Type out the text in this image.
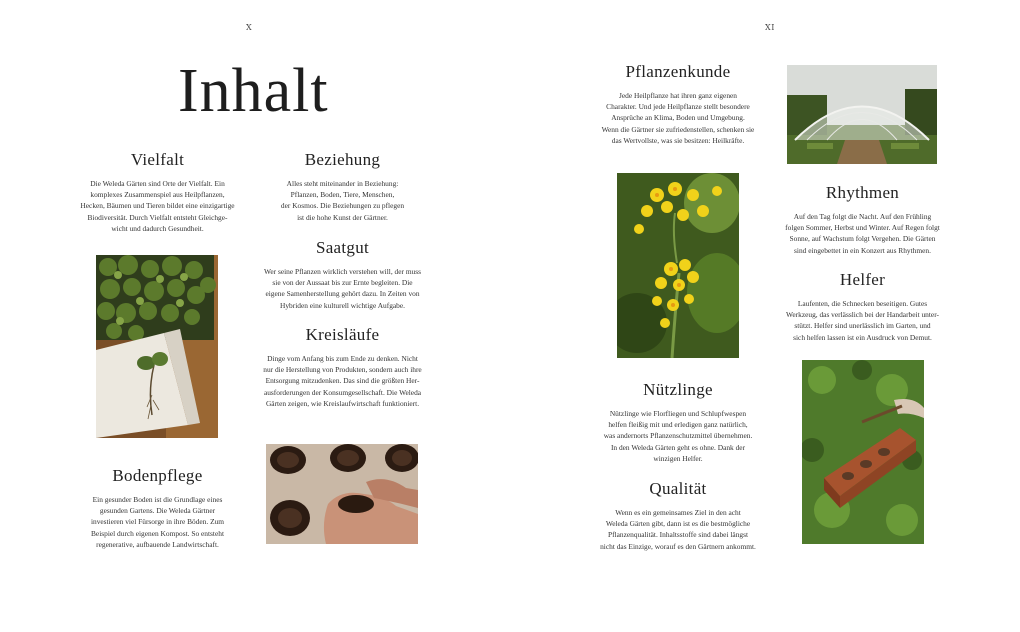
X	XI
Inhalt
Vielfalt
Die Weleda Gärten sind Orte der Vielfalt. Ein
komplexes Zusammenspiel aus Heilpflanzen,
Hecken, Bäumen und Tieren bildet eine einzigartige
Biodiversität. Durch Vielfalt entsteht Gleichge-
wicht und dadurch Gesundheit.
Beziehung
Alles steht miteinander in Beziehung:
Pflanzen, Boden, Tiere, Menschen,
der Kosmos. Die Beziehungen zu pflegen
ist die hohe Kunst der Gärtner.
Saatgut
Wer seine Pflanzen wirklich verstehen will, der muss
sie von der Aussaat bis zur Ernte begleiten. Die
eigene Samenherstellung gehört dazu. In Zeiten von
Hybriden eine kulturell wichtige Aufgabe.
Kreisläufe
Dinge vom Anfang bis zum Ende zu denken. Nicht
nur die Herstellung von Produkten, sondern auch ihre
Entsorgung mitzudenken. Das sind die größten Her-
ausforderungen der Konsumgesellschaft. Die Weleda
Gärten zeigen, wie Kreislaufwirtschaft funktioniert.
Bodenpflege
Ein gesunder Boden ist die Grundlage eines
gesunden Gartens. Die Weleda Gärtner
investieren viel Fürsorge in ihre Böden. Zum
Beispiel durch eigenen Kompost. So entsteht
regenerative, aufbauende Landwirtschaft.
Pflanzenkunde
Jede Heilpflanze hat ihren ganz eigenen
Charakter. Und jede Heilpflanze stellt besondere
Ansprüche an Klima, Boden und Umgebung.
Wenn die Gärtner sie zufriedenstellen, schenken sie
das Wertvollste, was sie besitzen: Heilkräfte.
Rhythmen
Auf den Tag folgt die Nacht. Auf den Frühling
folgen Sommer, Herbst und Winter. Auf Regen folgt
Sonne, auf Wachstum folgt Vergehen. Die Gärten
sind eingebettet in ein Konzert aus Rhythmen.
Helfer
Laufenten, die Schnecken beseitigen. Gutes
Werkzeug, das verlässlich bei der Handarbeit unter-
stützt. Helfer sind unerlässlich im Garten, und
sich helfen lassen ist ein Ausdruck von Demut.
Nützlinge
Nützlinge wie Florfliegen und Schlupfwespen
helfen fleißig mit und erledigen ganz natürlich,
was andernorts Pflanzenschutzmittel übernehmen.
In den Weleda Gärten geht es ohne. Dank der
winzigen Helfer.
Qualität
Wenn es ein gemeinsames Ziel in den acht
Weleda Gärten gibt, dann ist es die bestmögliche
Pflanzenqualität. Inhaltsstoffe sind dabei längst
nicht das Einzige, worauf es den Gärtnern ankommt.
